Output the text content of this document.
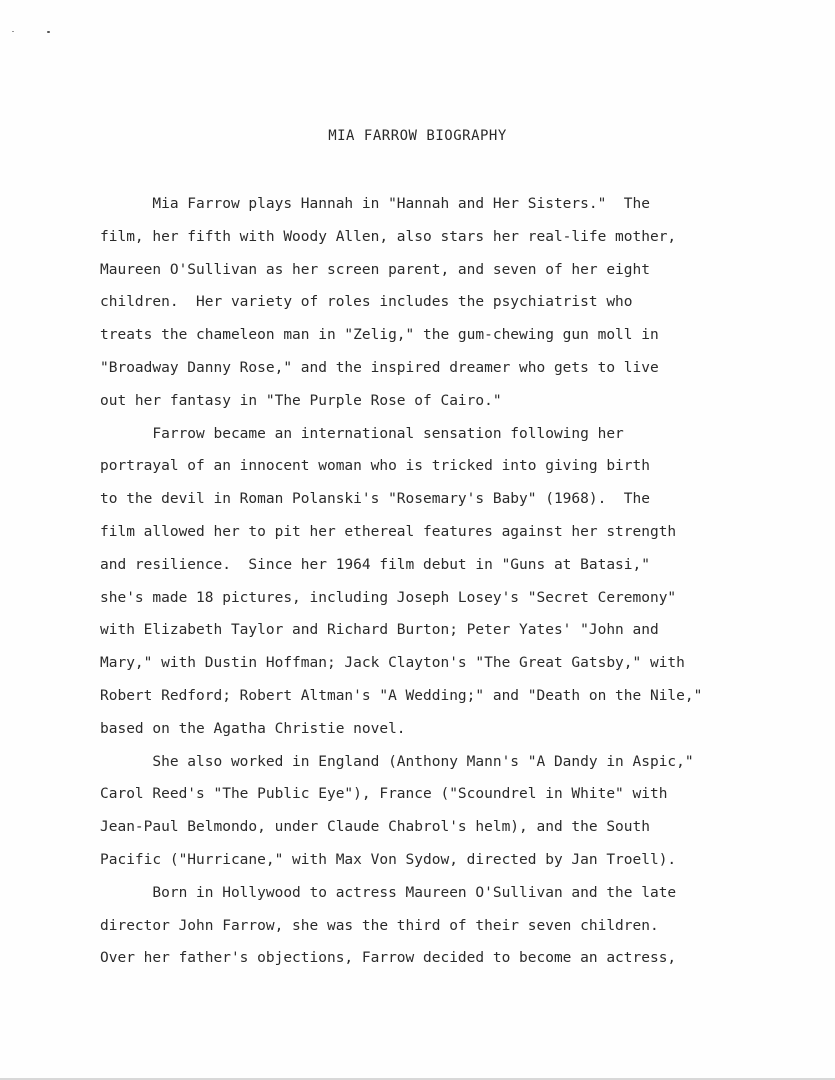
MIA FARROW BIOGRAPHY

Mia Farrow plays Hannah in "Hannah and Her Sisters."  The

film, her fifth with Woody Allen, also stars her real-life mother,

Maureen O'Sullivan as her screen parent, and seven of her eight

children.  Her variety of roles includes the psychiatrist who

treats the chameleon man in "Zelig," the gum-chewing gun moll in

"Broadway Danny Rose," and the inspired dreamer who gets to live

out her fantasy in "The Purple Rose of Cairo."

Farrow became an international sensation following her

portrayal of an innocent woman who is tricked into giving birth

to the devil in Roman Polanski's "Rosemary's Baby" (1968).  The

film allowed her to pit her ethereal features against her strength

and resilience.  Since her 1964 film debut in "Guns at Batasi,"

she's made 18 pictures, including Joseph Losey's "Secret Ceremony"

with Elizabeth Taylor and Richard Burton; Peter Yates' "John and

Mary," with Dustin Hoffman; Jack Clayton's "The Great Gatsby," with

Robert Redford; Robert Altman's "A Wedding;" and "Death on the Nile,"

based on the Agatha Christie novel.

She also worked in England (Anthony Mann's "A Dandy in Aspic,"

Carol Reed's "The Public Eye"), France ("Scoundrel in White" with

Jean-Paul Belmondo, under Claude Chabrol's helm), and the South

Pacific ("Hurricane," with Max Von Sydow, directed by Jan Troell).

Born in Hollywood to actress Maureen O'Sullivan and the late

director John Farrow, she was the third of their seven children.

Over her father's objections, Farrow decided to become an actress,
